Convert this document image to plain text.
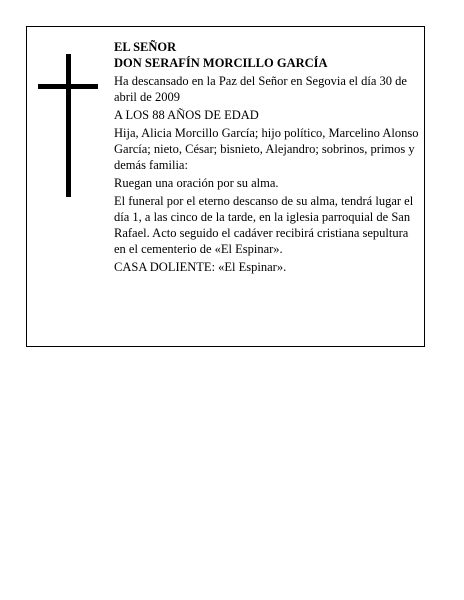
EL SEÑOR

DON SERAFÍN MORCILLO GARCÍA

Ha descansado en la Paz del Señor en Segovia el día 30 de abril de 2009

A LOS 88 AÑOS DE EDAD

Hija, Alicia Morcillo García; hijo político, Marcelino Alonso García; nieto, César; bisnieto, Alejandro; sobrinos, primos y demás familia:

Ruegan una oración por su alma.

El funeral por el eterno descanso de su alma, tendrá lugar el día 1, a las cinco de la tarde, en la iglesia parroquial de San Rafael. Acto seguido el cadáver recibirá cristiana sepultura en el cementerio de «El Espinar».

CASA DOLIENTE: «El Espinar».
